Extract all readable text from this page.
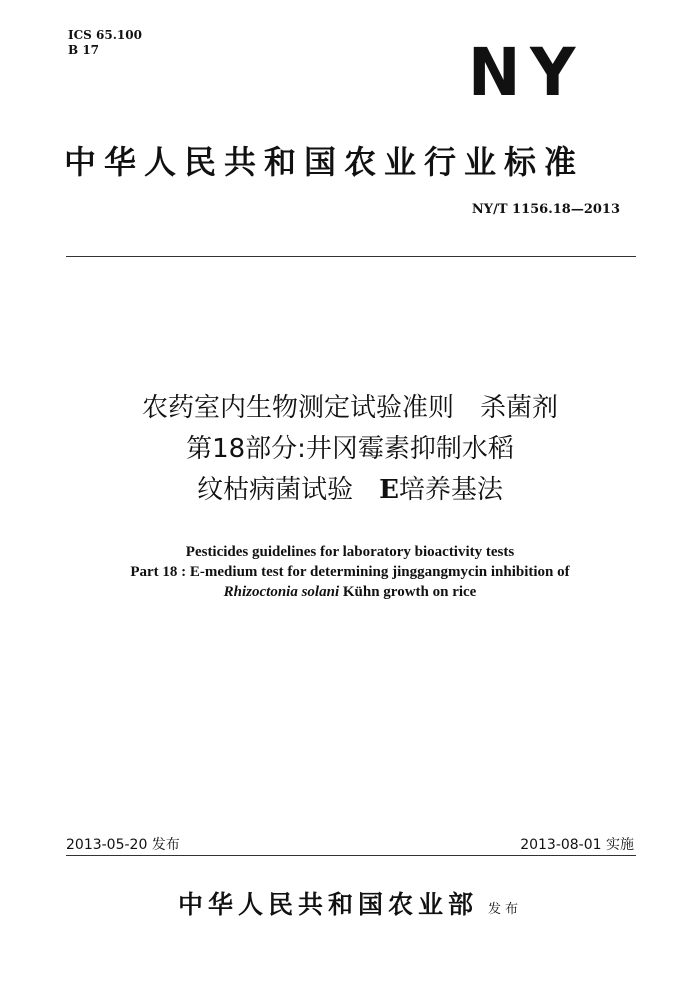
ICS 65.100
B 17	NY
中华人民共和国农业行业标准
NY/T 1156.18—2013
农药室内生物测定试验准则　杀菌剂
第18部分:井冈霉素抑制水稻
纹枯病菌试验　E培养基法
Pesticides guidelines for laboratory bioactivity tests
Part 18 : E-medium test for determining jinggangmycin inhibition of
Rhizoctonia solani Kühn growth on rice
2013-05-20 发布	2013-08-01 实施
中华人民共和国农业部 发布
